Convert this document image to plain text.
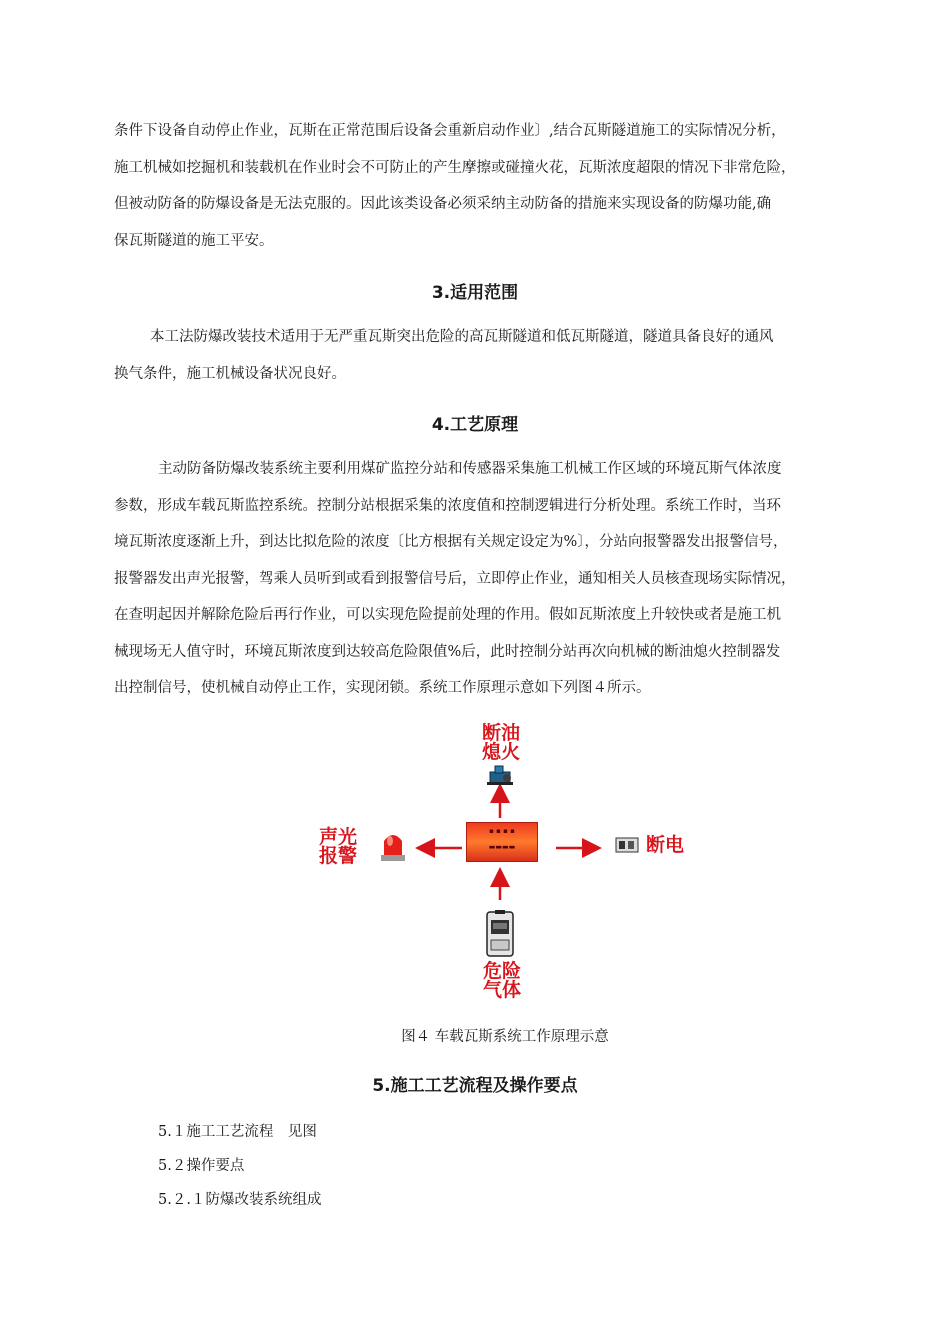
条件下设备自动停止作业，瓦斯在正常范围后设备会重新启动作业〕,结合瓦斯隧道施工的实际情况分析，
施工机械如挖掘机和装载机在作业时会不可防止的产生摩擦或碰撞火花，瓦斯浓度超限的情况下非常危险，
但被动防备的防爆设备是无法克服的。因此该类设备必须采纳主动防备的措施来实现设备的防爆功能,确
保瓦斯隧道的施工平安。
3.适用范围
本工法防爆改装技术适用于无严重瓦斯突出危险的高瓦斯隧道和低瓦斯隧道，隧道具备良好的通风
换气条件，施工机械设备状况良好。
4.工艺原理
主动防备防爆改装系统主要利用煤矿监控分站和传感器采集施工机械工作区域的环境瓦斯气体浓度
参数，形成车载瓦斯监控系统。控制分站根据采集的浓度值和控制逻辑进行分析处理。系统工作时，当环
境瓦斯浓度逐渐上升，到达比拟危险的浓度〔比方根据有关规定设定为%〕，分站向报警器发出报警信号，
报警器发出声光报警，驾乘人员听到或看到报警信号后，立即停止作业，通知相关人员核查现场实际情况，
在查明起因并解除危险后再行作业，可以实现危险提前处理的作用。假如瓦斯浓度上升较快或者是施工机
械现场无人值守时，环境瓦斯浓度到达较高危险限值%后，此时控制分站再次向机械的断油熄火控制器发
出控制信号，使机械自动停止工作，实现闭锁。系统工作原理示意如下列图４所示。
断油
熄火
声光
报警
▪ ▪ ▪ ▪
▬▬▬▬	断电
危险
气体

图４ 车载瓦斯系统工作原理示意

5.施工工艺流程及操作要点

5.１施工工艺流程　见图

5.２操作要点

5.２.１防爆改装系统组成
